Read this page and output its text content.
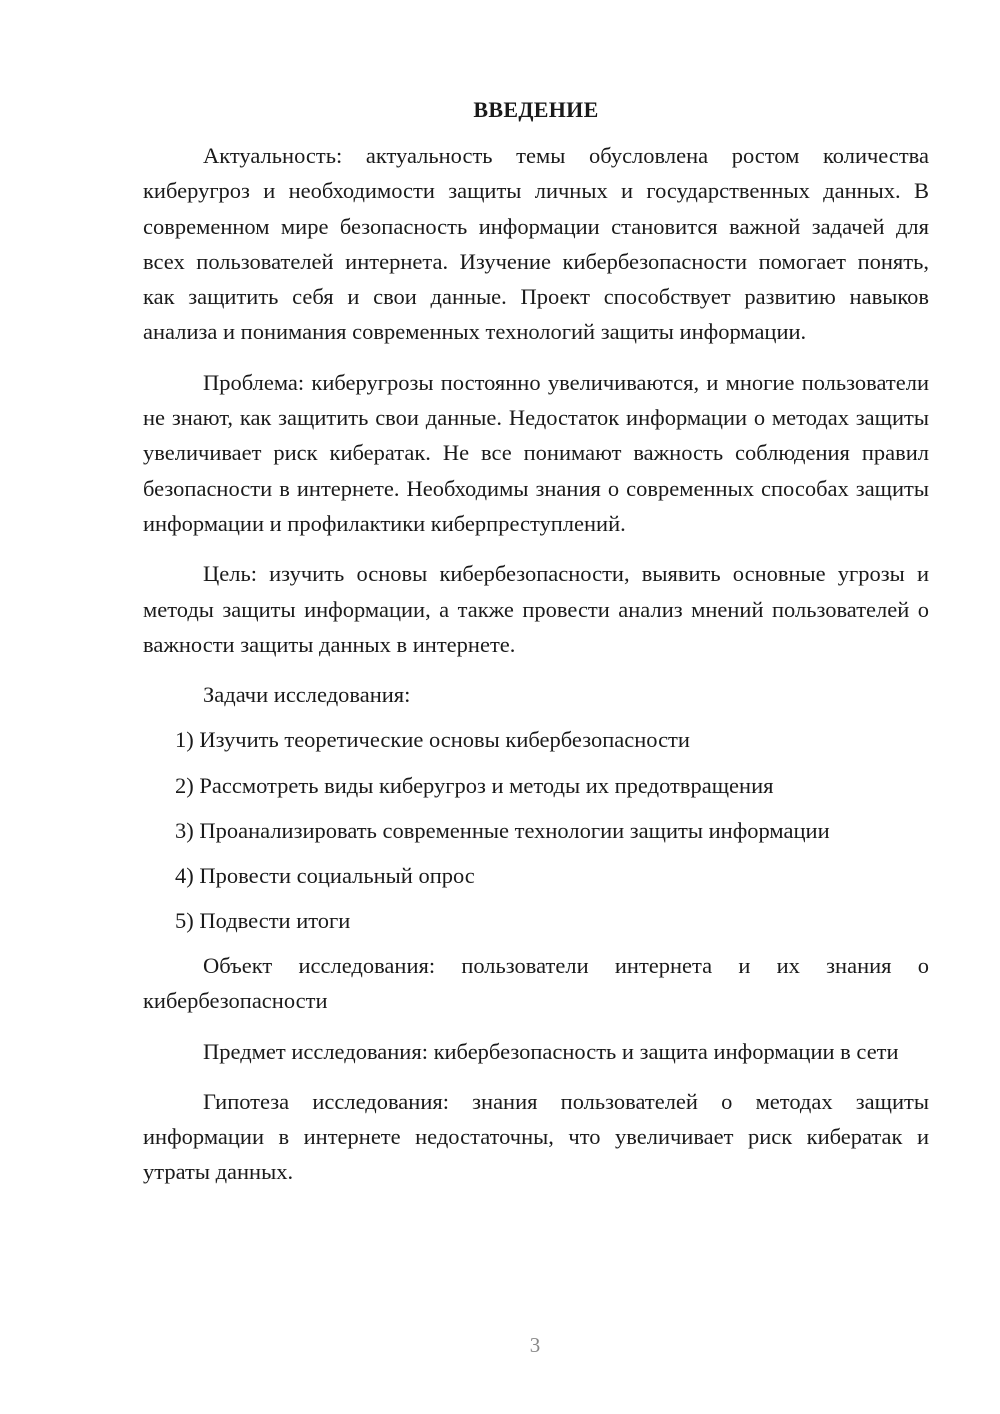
ВВЕДЕНИЕ

Актуальность: актуальность темы обусловлена ростом количества киберугроз и необходимости защиты личных и государственных данных. В современном мире безопасность информации становится важной задачей для всех пользователей интернета. Изучение кибербезопасности помогает понять, как защитить себя и свои данные. Проект способствует развитию навыков анализа и понимания современных технологий защиты информации.

Проблема: киберугрозы постоянно увеличиваются, и многие пользователи не знают, как защитить свои данные. Недостаток информации о методах защиты увеличивает риск кибератак. Не все понимают важность соблюдения правил безопасности в интернете. Необходимы знания о современных способах защиты информации и профилактики киберпреступлений.

Цель: изучить основы кибербезопасности, выявить основные угрозы и методы защиты информации, а также провести анализ мнений пользователей о важности защиты данных в интернете.

Задачи исследования:

1) Изучить теоретические основы кибербезопасности
2) Рассмотреть виды киберугроз и методы их предотвращения
3) Проанализировать современные технологии защиты информации
4) Провести социальный опрос
5) Подвести итоги

Объект исследования: пользователи интернета и их знания о кибербезопасности

Предмет исследования: кибербезопасность и защита информации в сети

Гипотеза исследования: знания пользователей о методах защиты информации в интернете недостаточны, что увеличивает риск кибератак и утраты данных.

3
